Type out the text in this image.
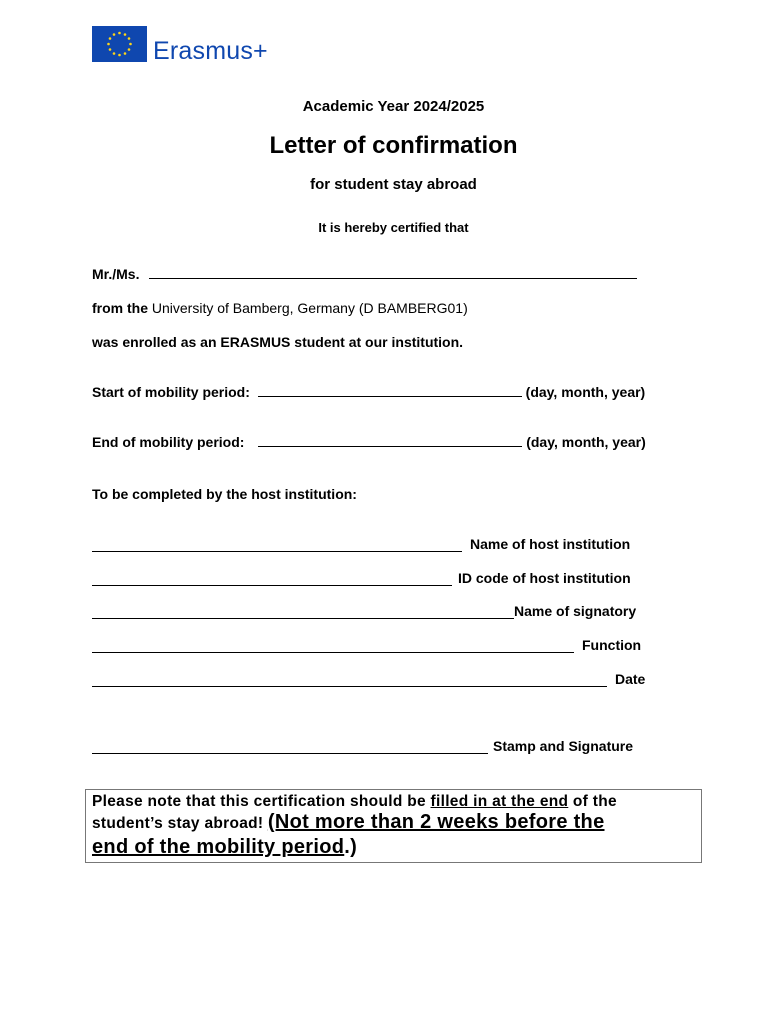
Erasmus+
Academic Year 2024/2025
Letter of confirmation
for student stay abroad
It is hereby certified that
Mr./Ms.
from the University of Bamberg, Germany (D BAMBERG01)
was enrolled as an ERASMUS student at our institution.
Start of mobility period:	(day, month, year)
End of mobility period:	(day, month, year)
To be completed by the host institution:
Name of host institution
ID code of host institution
Name of signatory
Function
Date
Stamp and Signature
Please note that this certification should be filled in at the end of the
student’s stay abroad! (Not more than 2 weeks before the
end of the mobility period.)
